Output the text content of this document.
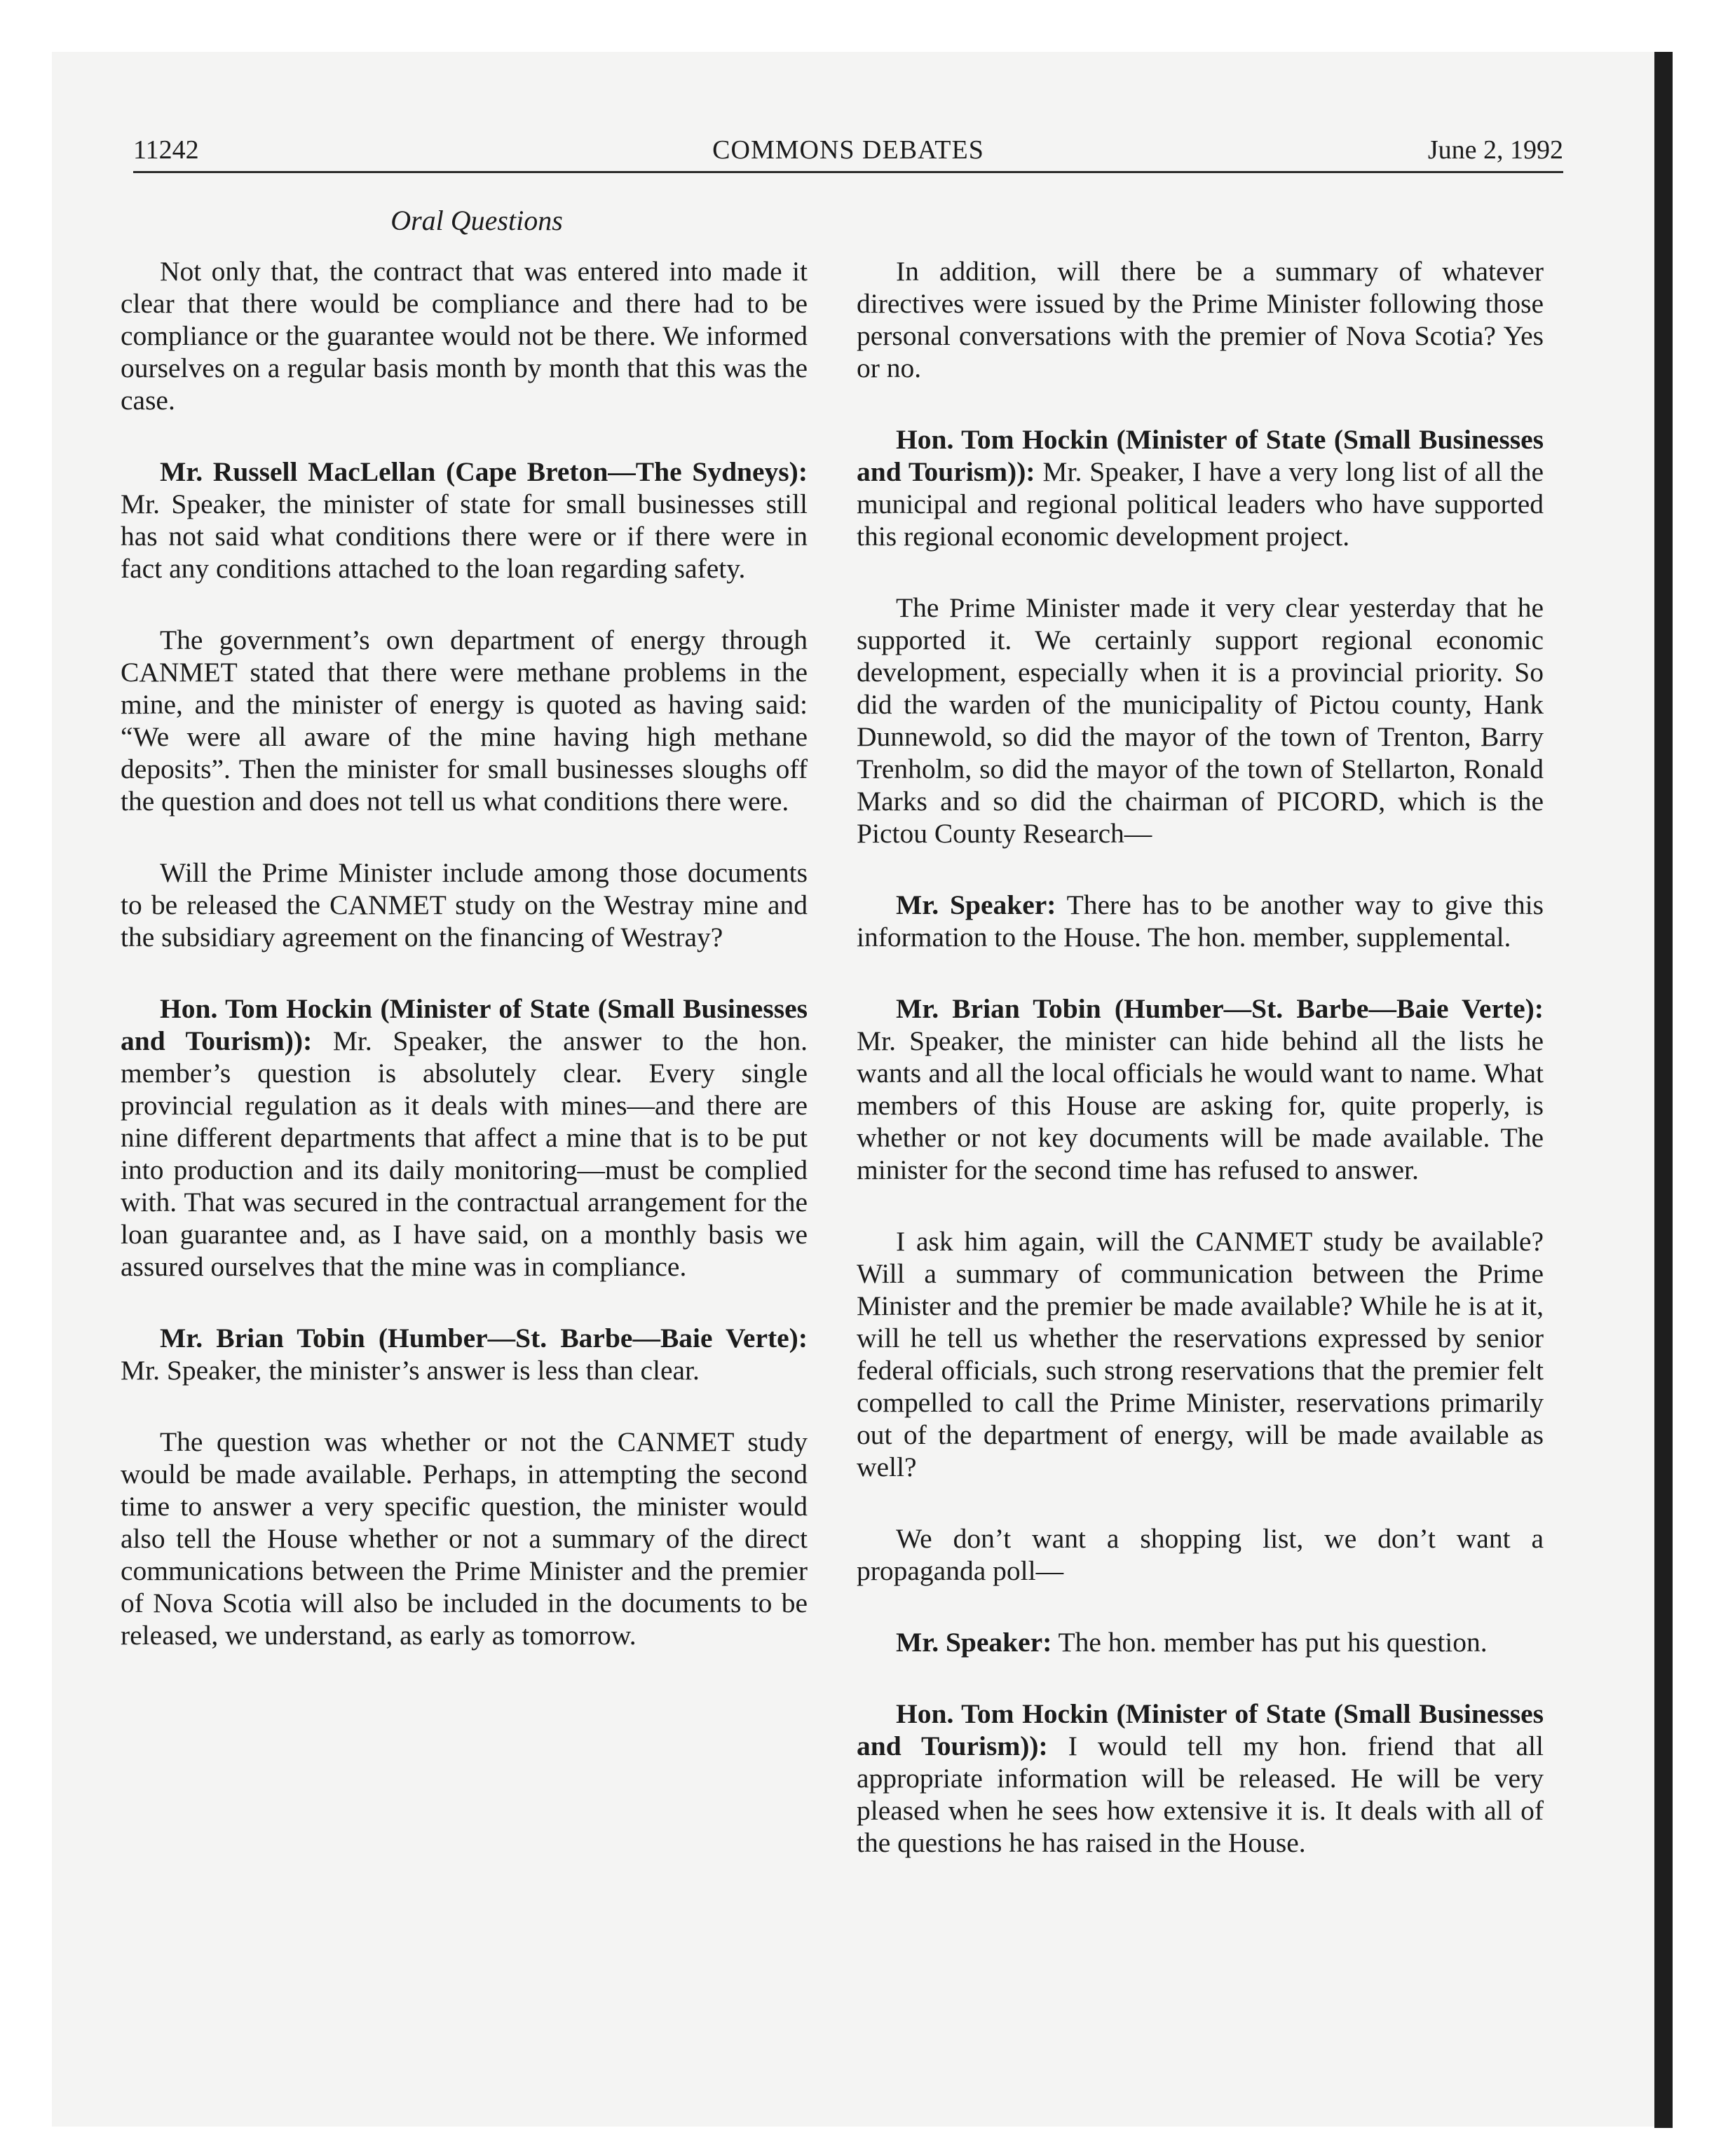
11242	COMMONS DEBATES	June 2, 1992
Oral Questions

Not only that, the contract that was entered into made it clear that there would be compliance and there had to be compliance or the guarantee would not be there. We informed ourselves on a regular basis month by month that this was the case.

Mr. Russell MacLellan (Cape Breton—The Sydneys): Mr. Speaker, the minister of state for small businesses still has not said what conditions there were or if there were in fact any conditions attached to the loan regarding safety.

The government’s own department of energy through CANMET stated that there were methane problems in the mine, and the minister of energy is quoted as having said: “We were all aware of the mine having high methane deposits”. Then the minister for small businesses sloughs off the question and does not tell us what conditions there were.

Will the Prime Minister include among those documents to be released the CANMET study on the Westray mine and the subsidiary agreement on the financing of Westray?

Hon. Tom Hockin (Minister of State (Small Businesses and Tourism)): Mr. Speaker, the answer to the hon. member’s question is absolutely clear. Every single provincial regulation as it deals with mines—and there are nine different departments that affect a mine that is to be put into production and its daily monitoring—must be complied with. That was secured in the contractual arrangement for the loan guarantee and, as I have said, on a monthly basis we assured ourselves that the mine was in compliance.

Mr. Brian Tobin (Humber—St. Barbe—Baie Verte): Mr. Speaker, the minister’s answer is less than clear.

The question was whether or not the CANMET study would be made available. Perhaps, in attempting the second time to answer a very specific question, the minister would also tell the House whether or not a summary of the direct communications between the Prime Minister and the premier of Nova Scotia will also be included in the documents to be released, we understand, as early as tomorrow.

In addition, will there be a summary of whatever directives were issued by the Prime Minister following those personal conversations with the premier of Nova Scotia? Yes or no.

Hon. Tom Hockin (Minister of State (Small Businesses and Tourism)): Mr. Speaker, I have a very long list of all the municipal and regional political leaders who have supported this regional economic development project.

The Prime Minister made it very clear yesterday that he supported it. We certainly support regional economic development, especially when it is a provincial priority. So did the warden of the municipality of Pictou county, Hank Dunnewold, so did the mayor of the town of Trenton, Barry Trenholm, so did the mayor of the town of Stellarton, Ronald Marks and so did the chairman of PICORD, which is the Pictou County Research—

Mr. Speaker: There has to be another way to give this information to the House. The hon. member, supplemental.

Mr. Brian Tobin (Humber—St. Barbe—Baie Verte): Mr. Speaker, the minister can hide behind all the lists he wants and all the local officials he would want to name. What members of this House are asking for, quite properly, is whether or not key documents will be made available. The minister for the second time has refused to answer.

I ask him again, will the CANMET study be available? Will a summary of communication between the Prime Minister and the premier be made available? While he is at it, will he tell us whether the reservations expressed by senior federal officials, such strong reservations that the premier felt compelled to call the Prime Minister, reservations primarily out of the department of energy, will be made available as well?

We don’t want a shopping list, we don’t want a propaganda poll—

Mr. Speaker: The hon. member has put his question.

Hon. Tom Hockin (Minister of State (Small Businesses and Tourism)): I would tell my hon. friend that all appropriate information will be released. He will be very pleased when he sees how extensive it is. It deals with all of the questions he has raised in the House.
